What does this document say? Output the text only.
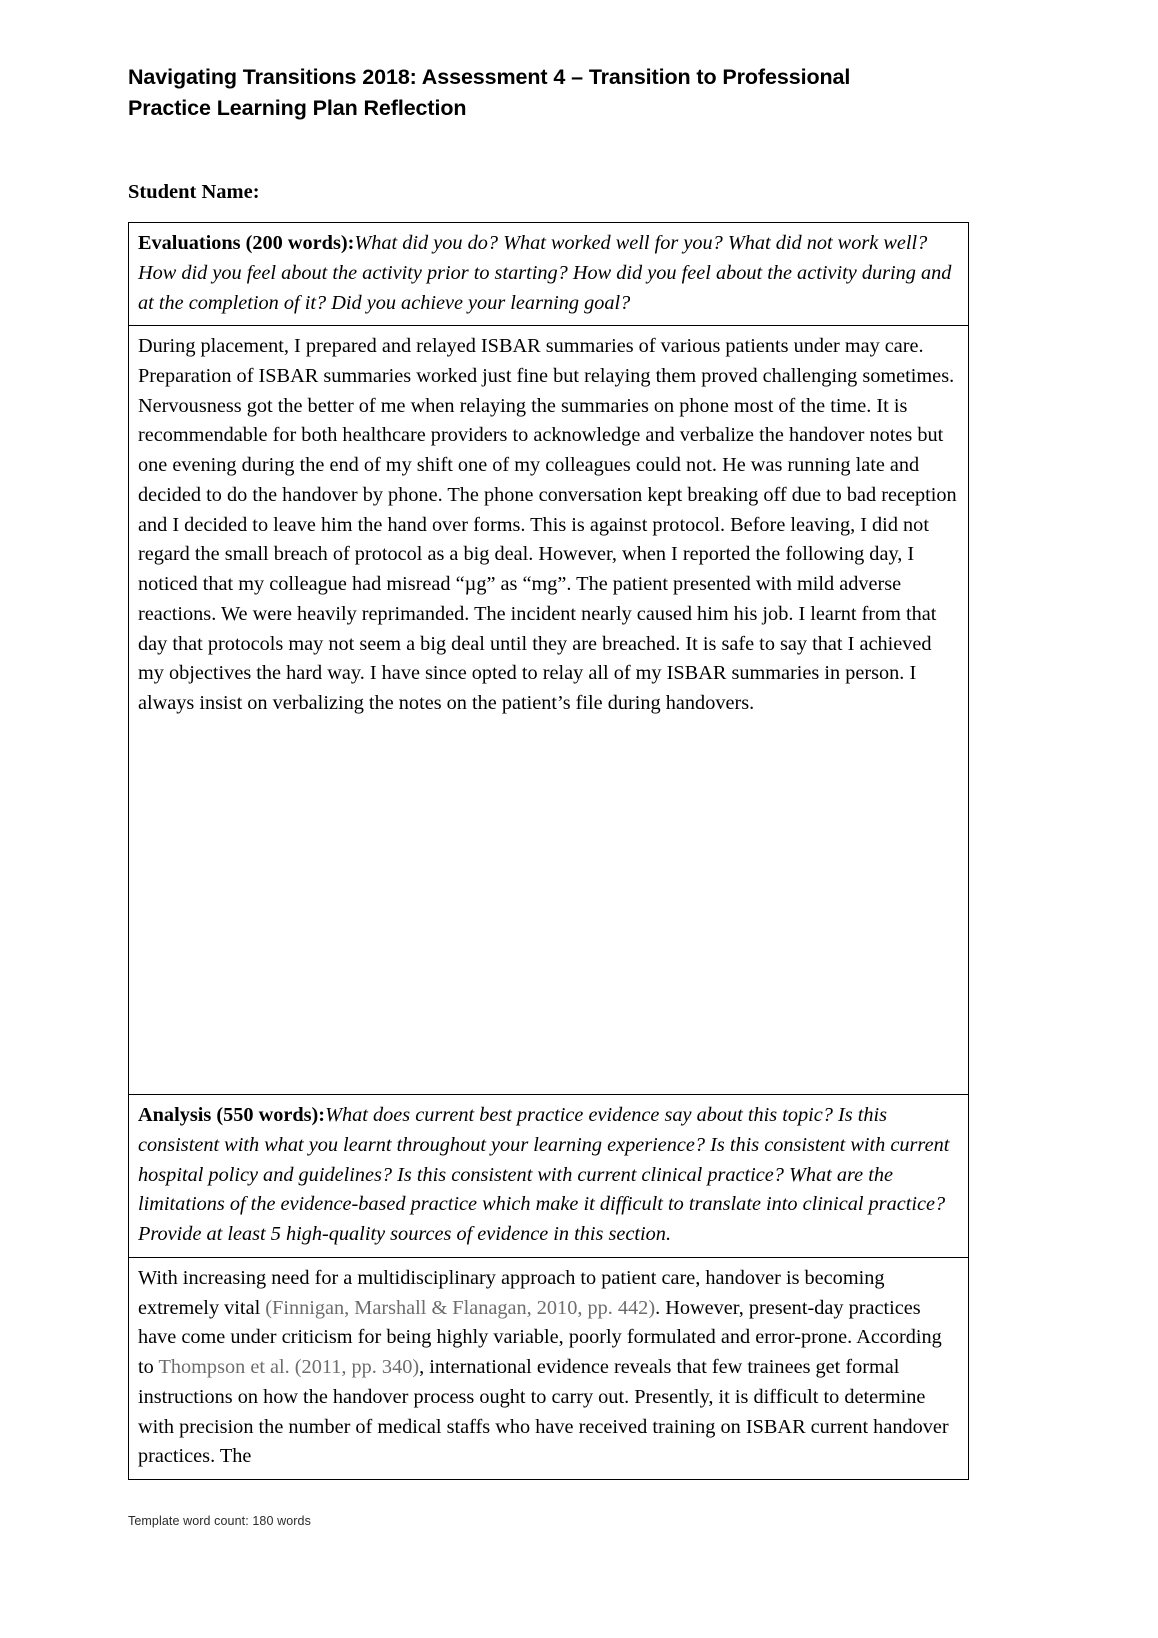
Navigating Transitions 2018: Assessment 4 – Transition to Professional Practice Learning Plan Reflection

Student Name:

Evaluations (200 words):What did you do? What worked well for you? What did not work well? How did you feel about the activity prior to starting? How did you feel about the activity during and at the completion of it? Did you achieve your learning goal?

During placement, I prepared and relayed ISBAR summaries of various patients under may care. Preparation of ISBAR summaries worked just fine but relaying them proved challenging sometimes. Nervousness got the better of me when relaying the summaries on phone most of the time. It is recommendable for both healthcare providers to acknowledge and verbalize the handover notes but one evening during the end of my shift one of my colleagues could not. He was running late and decided to do the handover by phone. The phone conversation kept breaking off due to bad reception and I decided to leave him the hand over forms. This is against protocol. Before leaving, I did not regard the small breach of protocol as a big deal. However, when I reported the following day, I noticed that my colleague had misread “µg” as “mg”. The patient presented with mild adverse reactions. We were heavily reprimanded. The incident nearly caused him his job. I learnt from that day that protocols may not seem a big deal until they are breached. It is safe to say that I achieved my objectives the hard way. I have since opted to relay all of my ISBAR summaries in person. I always insist on verbalizing the notes on the patient’s file during handovers.

Analysis (550 words):What does current best practice evidence say about this topic? Is this consistent with what you learnt throughout your learning experience? Is this consistent with current hospital policy and guidelines? Is this consistent with current clinical practice? What are the limitations of the evidence-based practice which make it difficult to translate into clinical practice? Provide at least 5 high-quality sources of evidence in this section.

With increasing need for a multidisciplinary approach to patient care, handover is becoming extremely vital (Finnigan, Marshall & Flanagan, 2010, pp. 442). However, present-day practices have come under criticism for being highly variable, poorly formulated and error-prone. According to Thompson et al. (2011, pp. 340), international evidence reveals that few trainees get formal instructions on how the handover process ought to carry out. Presently, it is difficult to determine with precision the number of medical staffs who have received training on ISBAR current handover practices. The

Template word count: 180 words
